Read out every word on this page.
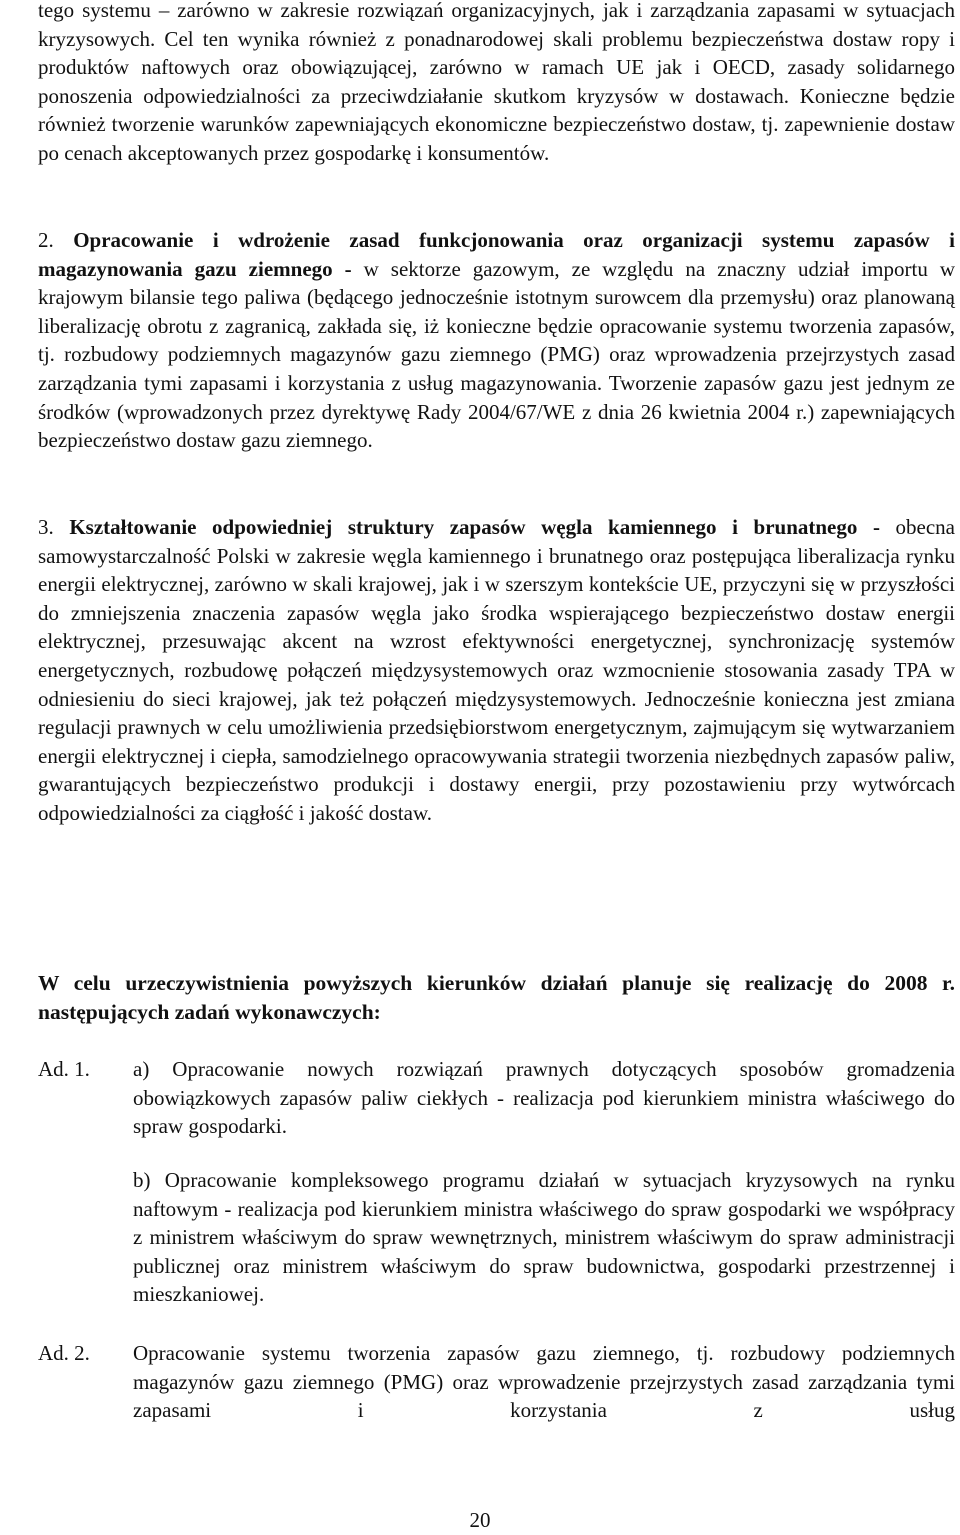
tego systemu – zarówno w zakresie rozwiązań organizacyjnych, jak i zarządzania zapasami w sytuacjach kryzysowych. Cel ten wynika również z ponadnarodowej skali problemu bezpieczeństwa dostaw ropy i produktów naftowych oraz obowiązującej, zarówno w ramach UE jak i OECD, zasady solidarnego ponoszenia odpowiedzialności za przeciwdziałanie skutkom kryzysów w dostawach. Konieczne będzie również tworzenie warunków zapewniających ekonomiczne bezpieczeństwo dostaw, tj. zapewnienie dostaw po cenach akceptowanych przez gospodarkę i konsumentów.

2. Opracowanie i wdrożenie zasad funkcjonowania oraz organizacji systemu zapasów i magazynowania gazu ziemnego - w sektorze gazowym, ze względu na znaczny udział importu w krajowym bilansie tego paliwa (będącego jednocześnie istotnym surowcem dla przemysłu) oraz planowaną liberalizację obrotu z zagranicą, zakłada się, iż konieczne będzie opracowanie systemu tworzenia zapasów, tj. rozbudowy podziemnych magazynów gazu ziemnego (PMG) oraz wprowadzenia przejrzystych zasad zarządzania tymi zapasami i korzystania z usług magazynowania. Tworzenie zapasów gazu jest jednym ze środków (wprowadzonych przez dyrektywę Rady 2004/67/WE z dnia 26 kwietnia 2004 r.) zapewniających bezpieczeństwo dostaw gazu ziemnego.

3. Kształtowanie odpowiedniej struktury zapasów węgla kamiennego i brunatnego - obecna samowystarczalność Polski w zakresie węgla kamiennego i brunatnego oraz postępująca liberalizacja rynku energii elektrycznej, zarówno w skali krajowej, jak i w szerszym kontekście UE, przyczyni się w przyszłości do zmniejszenia znaczenia zapasów węgla jako środka wspierającego bezpieczeństwo dostaw energii elektrycznej, przesuwając akcent na wzrost efektywności energetycznej, synchronizację systemów energetycznych, rozbudowę połączeń międzysystemowych oraz wzmocnienie stosowania zasady TPA w odniesieniu do sieci krajowej, jak też połączeń międzysystemowych. Jednocześnie konieczna jest zmiana regulacji prawnych w celu umożliwienia przedsiębiorstwom energetycznym, zajmującym się wytwarzaniem energii elektrycznej i ciepła, samodzielnego opracowywania strategii tworzenia niezbędnych zapasów paliw, gwarantujących bezpieczeństwo produkcji i dostawy energii, przy pozostawieniu przy wytwórcach odpowiedzialności za ciągłość i jakość dostaw.

W celu urzeczywistnienia powyższych kierunków działań planuje się realizację do 2008 r. następujących zadań wykonawczych:

Ad. 1.	a) Opracowanie nowych rozwiązań prawnych dotyczących sposobów gromadzenia obowiązkowych zapasów paliw ciekłych - realizacja pod kierunkiem ministra właściwego do spraw gospodarki.

b) Opracowanie kompleksowego programu działań w sytuacjach kryzysowych na rynku naftowym - realizacja pod kierunkiem ministra właściwego do spraw gospodarki we współpracy z ministrem właściwym do spraw wewnętrznych, ministrem właściwym do spraw administracji publicznej oraz ministrem właściwym do spraw budownictwa, gospodarki przestrzennej i mieszkaniowej.

Ad. 2.	Opracowanie systemu tworzenia zapasów gazu ziemnego, tj. rozbudowy podziemnych magazynów gazu ziemnego (PMG) oraz wprowadzenie przejrzystych zasad zarządzania tymi zapasami i korzystania z usług

20
